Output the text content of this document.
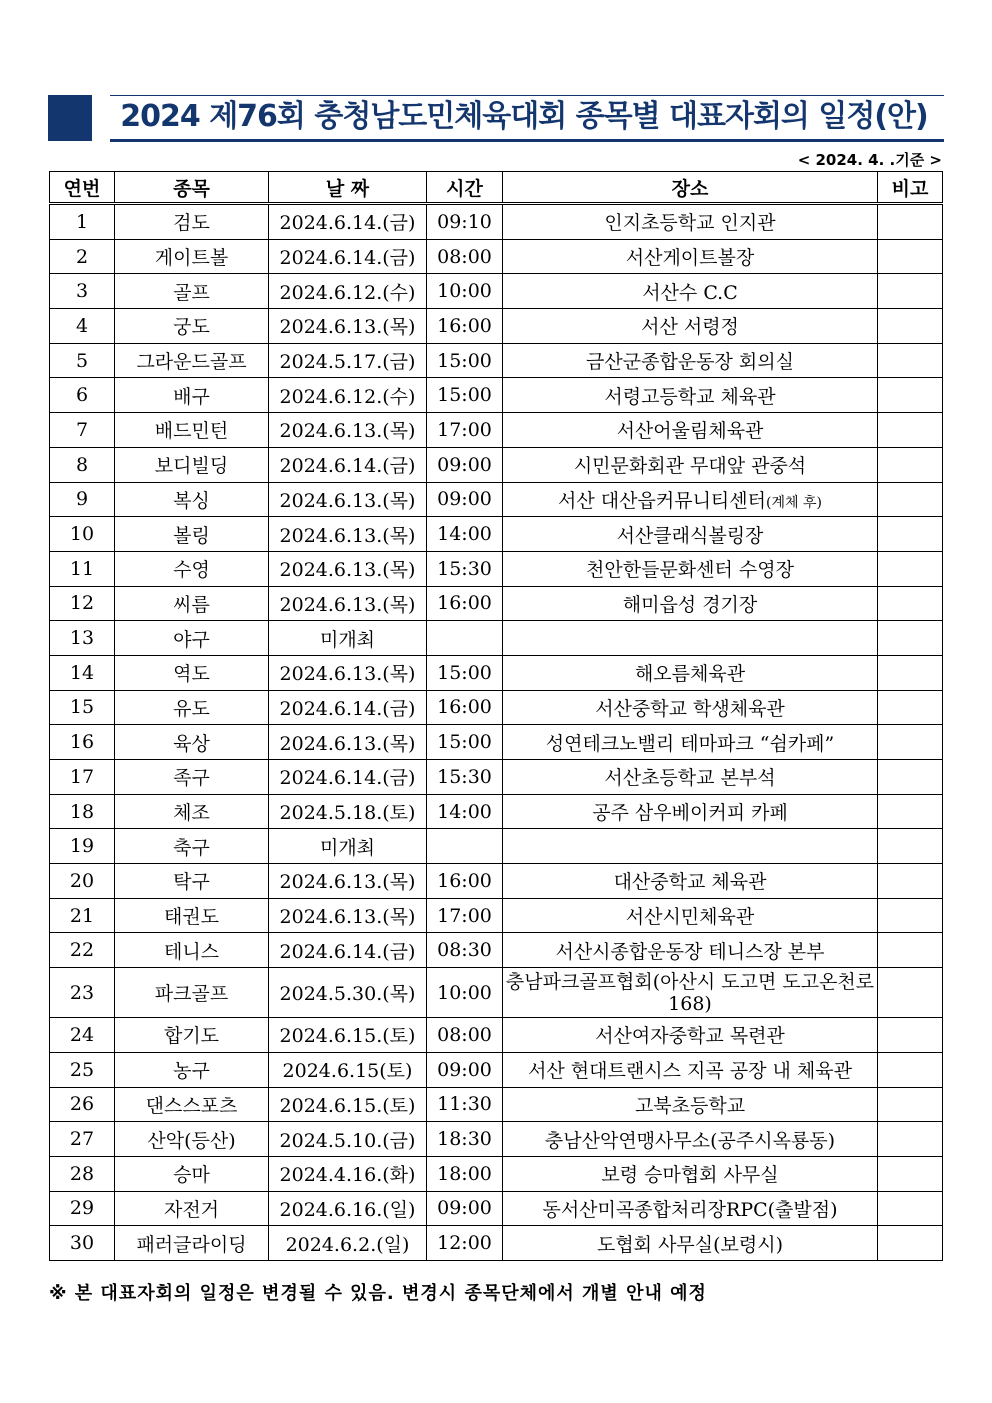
2024 제76회 충청남도민체육대회 종목별 대표자회의 일정(안)
< 2024. 4. .기준 >
연번	종목	날 짜	시간	장소	비고
1	검도	2024.6.14.(금)	09:10	인지초등학교 인지관	
2	게이트볼	2024.6.14.(금)	08:00	서산게이트볼장	
3	골프	2024.6.12.(수)	10:00	서산수 C.C	
4	궁도	2024.6.13.(목)	16:00	서산 서령정	
5	그라운드골프	2024.5.17.(금)	15:00	금산군종합운동장 회의실	
6	배구	2024.6.12.(수)	15:00	서령고등학교 체육관	
7	배드민턴	2024.6.13.(목)	17:00	서산어울림체육관	
8	보디빌딩	2024.6.14.(금)	09:00	시민문화회관 무대앞 관중석	
9	복싱	2024.6.13.(목)	09:00	서산 대산읍커뮤니티센터(계체 후)	
10	볼링	2024.6.13.(목)	14:00	서산클래식볼링장	
11	수영	2024.6.13.(목)	15:30	천안한들문화센터 수영장	
12	씨름	2024.6.13.(목)	16:00	해미읍성 경기장	
13	야구	미개최			
14	역도	2024.6.13.(목)	15:00	해오름체육관	
15	유도	2024.6.14.(금)	16:00	서산중학교 학생체육관	
16	육상	2024.6.13.(목)	15:00	성연테크노밸리 테마파크 “쉼카페”	
17	족구	2024.6.14.(금)	15:30	서산초등학교 본부석	
18	체조	2024.5.18.(토)	14:00	공주 삼우베이커피 카페	
19	축구	미개최			
20	탁구	2024.6.13.(목)	16:00	대산중학교 체육관	
21	태권도	2024.6.13.(목)	17:00	서산시민체육관	
22	테니스	2024.6.14.(금)	08:30	서산시종합운동장 테니스장 본부	
23	파크골프	2024.5.30.(목)	10:00	충남파크골프협회(아산시 도고면 도고온천로 168)	
24	합기도	2024.6.15.(토)	08:00	서산여자중학교 목련관	
25	농구	2024.6.15(토)	09:00	서산 현대트랜시스 지곡 공장 내 체육관	
26	댄스스포츠	2024.6.15.(토)	11:30	고북초등학교	
27	산악(등산)	2024.5.10.(금)	18:30	충남산악연맹사무소(공주시옥룡동)	
28	승마	2024.4.16.(화)	18:00	보령 승마협회 사무실	
29	자전거	2024.6.16.(일)	09:00	동서산미곡종합처리장RPC(출발점)	
30	패러글라이딩	2024.6.2.(일)	12:00	도협회 사무실(보령시)	
※ 본 대표자회의 일정은 변경될 수 있음. 변경시 종목단체에서 개별 안내 예정
